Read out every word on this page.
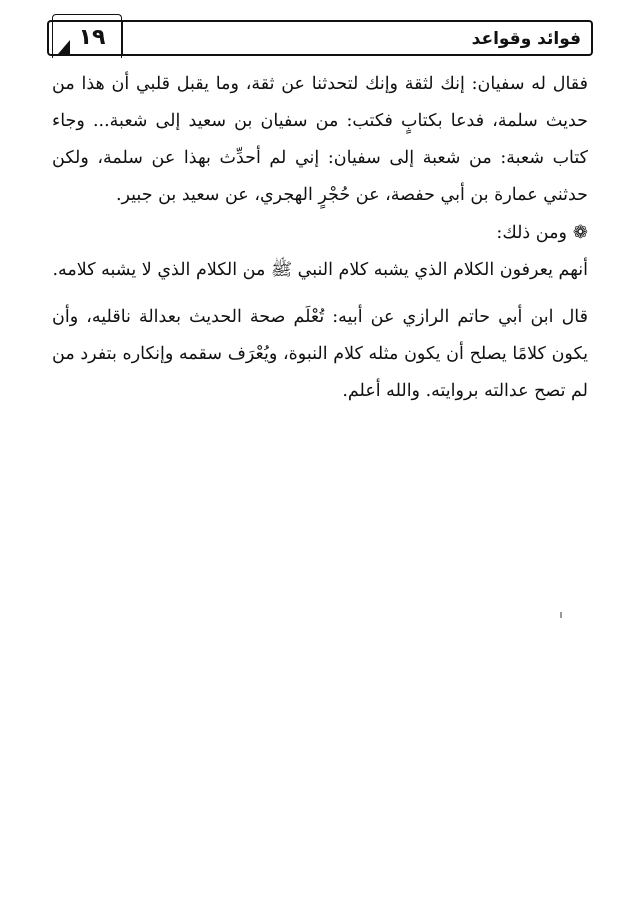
فوائد وقواعد
١٩

فقال له سفيان: إنك لثقة وإنك لتحدثنا عن ثقة، وما يقبل قلبي أن هذا من حديث سلمة، فدعا بكتابٍ فكتب: من سفيان بن سعيد إلى شعبة... وجاء كتاب شعبة: من شعبة إلى سفيان: إني لم أحدِّث بهذا عن سلمة، ولكن حدثني عمارة بن أبي حفصة، عن حُجْرٍ الهجري، عن سعيد بن جبير.

❁ومن ذلك:

أنهم يعرفون الكلام الذي يشبه كلام النبي ﷺ من الكلام الذي لا يشبه كلامه.

قال ابن أبي حاتم الرازي عن أبيه: تُعْلَم صحة الحديث بعدالة ناقليه، وأن يكون كلامًا يصلح أن يكون مثله كلام النبوة، ويُعْرَف سقمه وإنكاره بتفرد من لم تصح عدالته بروايته. والله أعلم.
